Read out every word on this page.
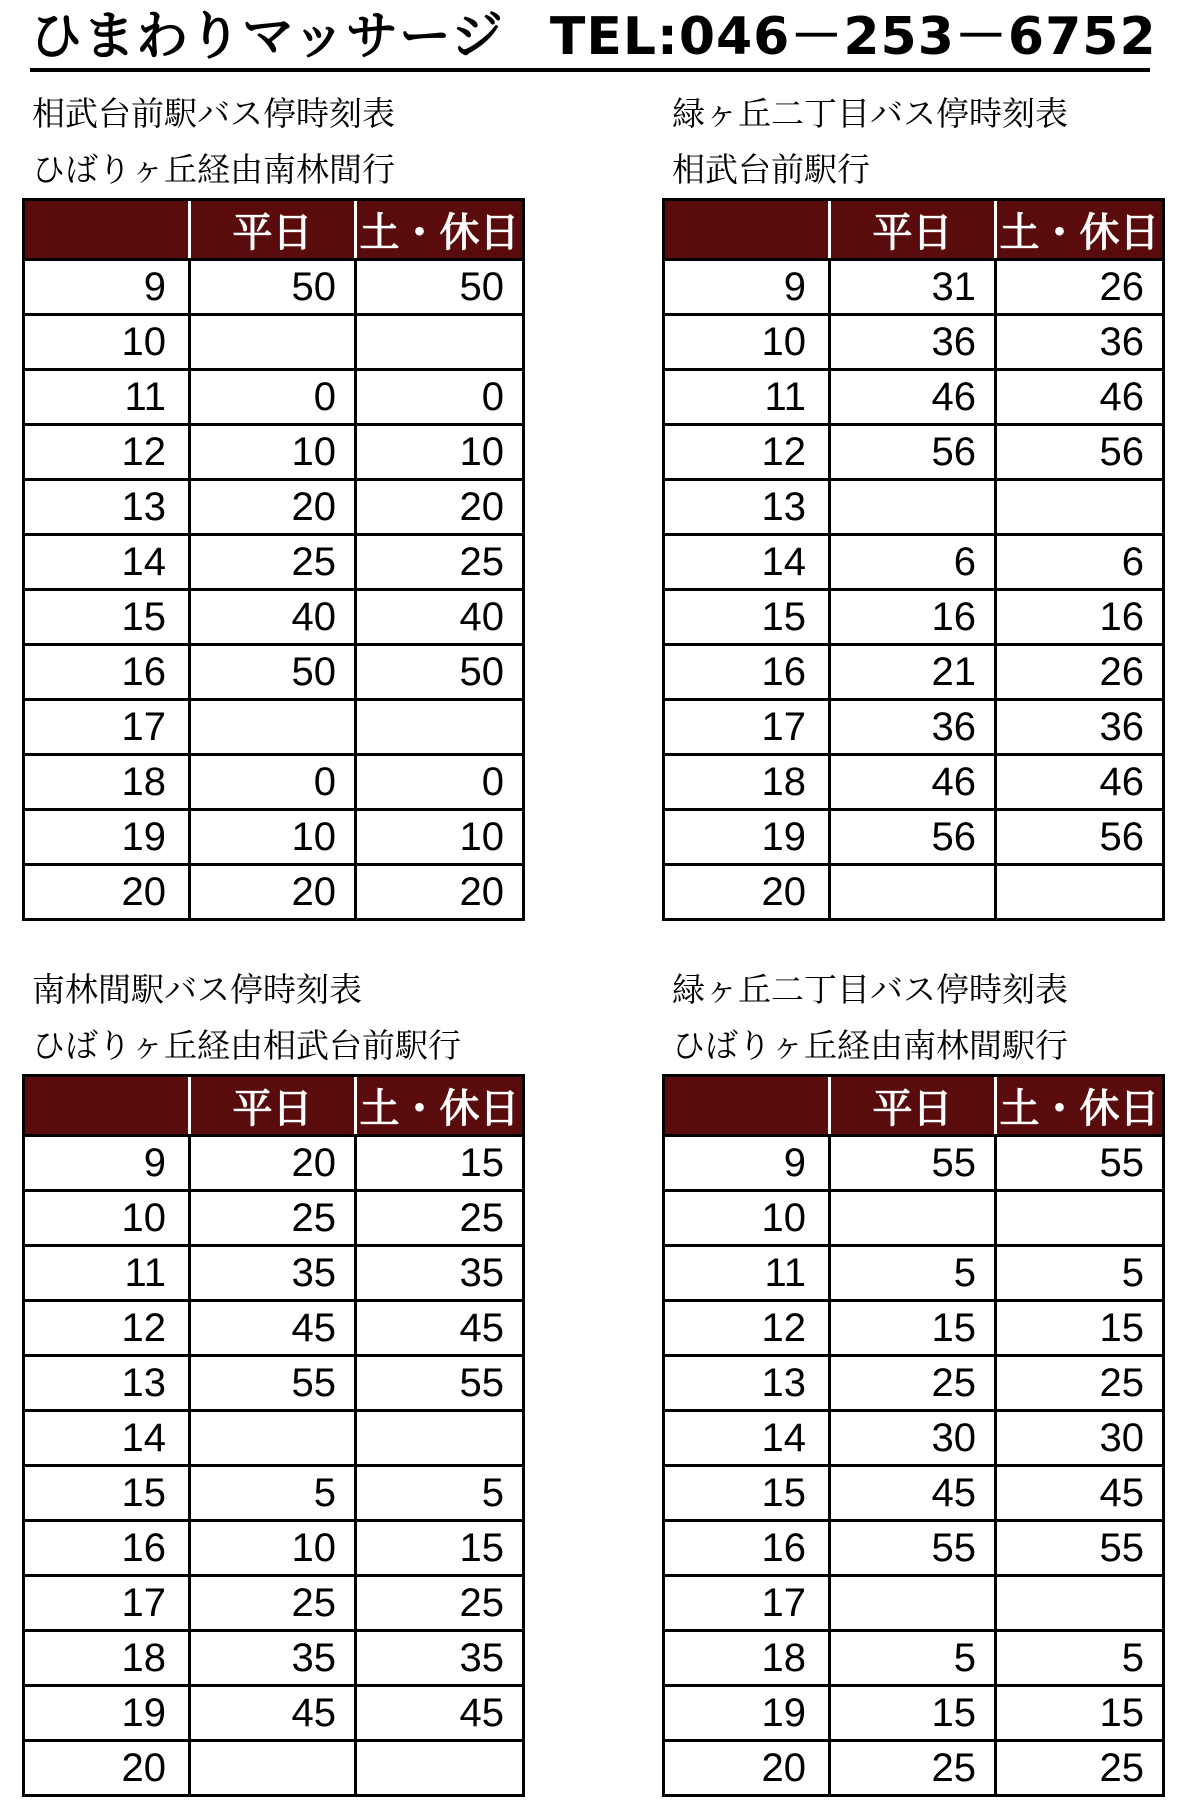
ひまわりマッサージ TEL:046－253－6752
相武台前駅バス停時刻表
ひばりヶ丘経由南林間行
	平日	土・休日
9	50	50
10		
11	0	0
12	10	10
13	20	20
14	25	25
15	40	40
16	50	50
17		
18	0	0
19	10	10
20	20	20
緑ヶ丘二丁目バス停時刻表
相武台前駅行
	平日	土・休日
9	31	26
10	36	36
11	46	46
12	56	56
13		
14	6	6
15	16	16
16	21	26
17	36	36
18	46	46
19	56	56
20		
南林間駅バス停時刻表
ひばりヶ丘経由相武台前駅行
	平日	土・休日
9	20	15
10	25	25
11	35	35
12	45	45
13	55	55
14		
15	5	5
16	10	15
17	25	25
18	35	35
19	45	45
20		
緑ヶ丘二丁目バス停時刻表
ひばりヶ丘経由南林間駅行
	平日	土・休日
9	55	55
10		
11	5	5
12	15	15
13	25	25
14	30	30
15	45	45
16	55	55
17		
18	5	5
19	15	15
20	25	25
